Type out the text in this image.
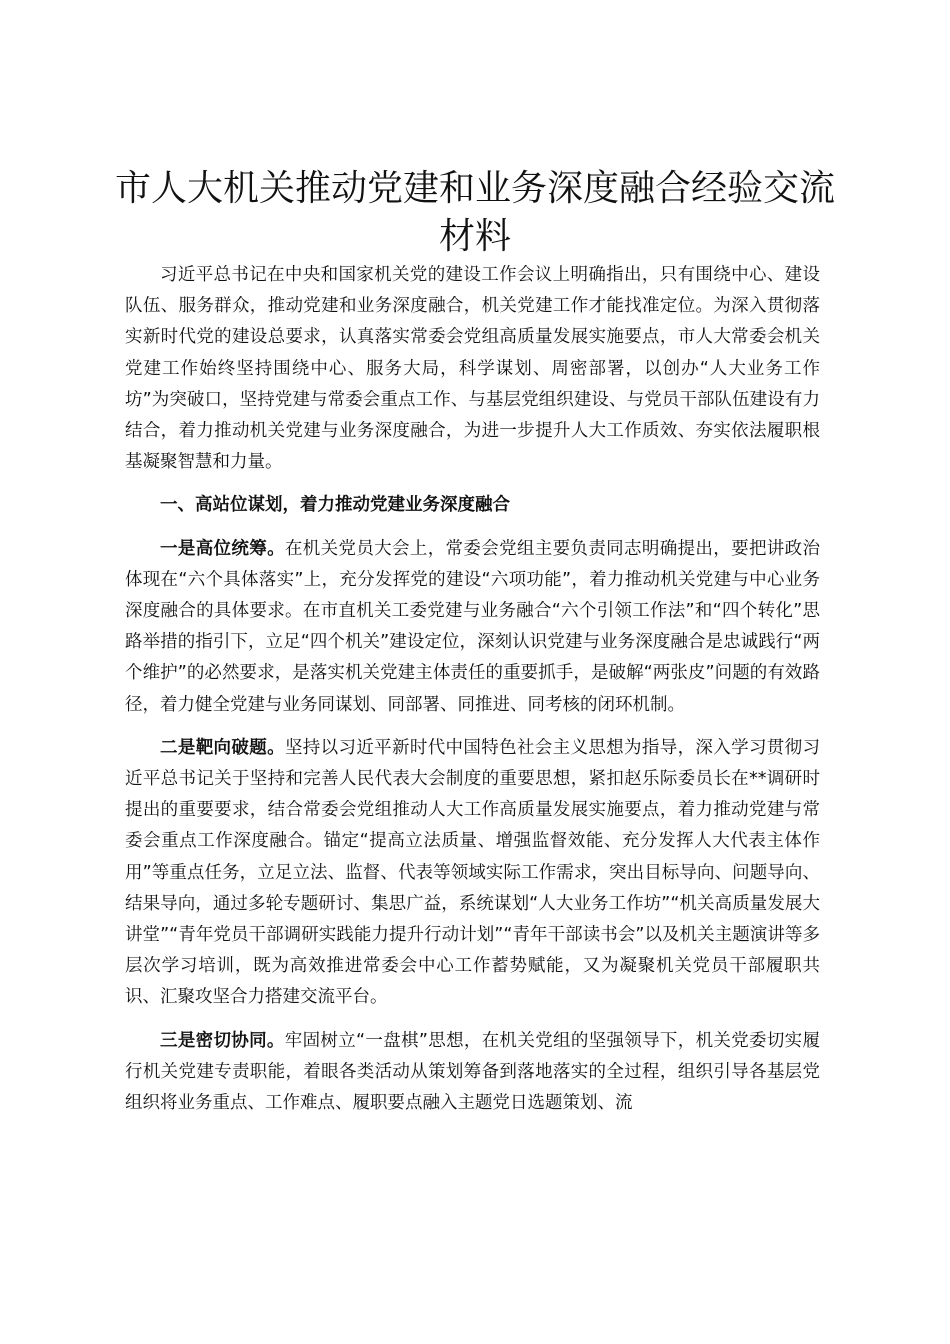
市人大机关推动党建和业务深度融合经验交流材料

习近平总书记在中央和国家机关党的建设工作会议上明确指出，只有围绕中心、建设队伍、服务群众，推动党建和业务深度融合，机关党建工作才能找准定位。为深入贯彻落实新时代党的建设总要求，认真落实常委会党组高质量发展实施要点，市人大常委会机关党建工作始终坚持围绕中心、服务大局，科学谋划、周密部署，以创办“人大业务工作坊”为突破口，坚持党建与常委会重点工作、与基层党组织建设、与党员干部队伍建设有力结合，着力推动机关党建与业务深度融合，为进一步提升人大工作质效、夯实依法履职根基凝聚智慧和力量。

一、高站位谋划，着力推动党建业务深度融合

一是高位统筹。在机关党员大会上，常委会党组主要负责同志明确提出，要把讲政治体现在“六个具体落实”上，充分发挥党的建设“六项功能”，着力推动机关党建与中心业务深度融合的具体要求。在市直机关工委党建与业务融合“六个引领工作法”和“四个转化”思路举措的指引下，立足“四个机关”建设定位，深刻认识党建与业务深度融合是忠诚践行“两个维护”的必然要求，是落实机关党建主体责任的重要抓手，是破解“两张皮”问题的有效路径，着力健全党建与业务同谋划、同部署、同推进、同考核的闭环机制。

二是靶向破题。坚持以习近平新时代中国特色社会主义思想为指导，深入学习贯彻习近平总书记关于坚持和完善人民代表大会制度的重要思想，紧扣赵乐际委员长在**调研时提出的重要要求，结合常委会党组推动人大工作高质量发展实施要点，着力推动党建与常委会重点工作深度融合。锚定“提高立法质量、增强监督效能、充分发挥人大代表主体作用”等重点任务，立足立法、监督、代表等领域实际工作需求，突出目标导向、问题导向、结果导向，通过多轮专题研讨、集思广益，系统谋划“人大业务工作坊”“机关高质量发展大讲堂”“青年党员干部调研实践能力提升行动计划”“青年干部读书会”以及机关主题演讲等多层次学习培训，既为高效推进常委会中心工作蓄势赋能，又为凝聚机关党员干部履职共识、汇聚攻坚合力搭建交流平台。

三是密切协同。牢固树立“一盘棋”思想，在机关党组的坚强领导下，机关党委切实履行机关党建专责职能，着眼各类活动从策划筹备到落地落实的全过程，组织引导各基层党组织将业务重点、工作难点、履职要点融入主题党日选题策划、流
